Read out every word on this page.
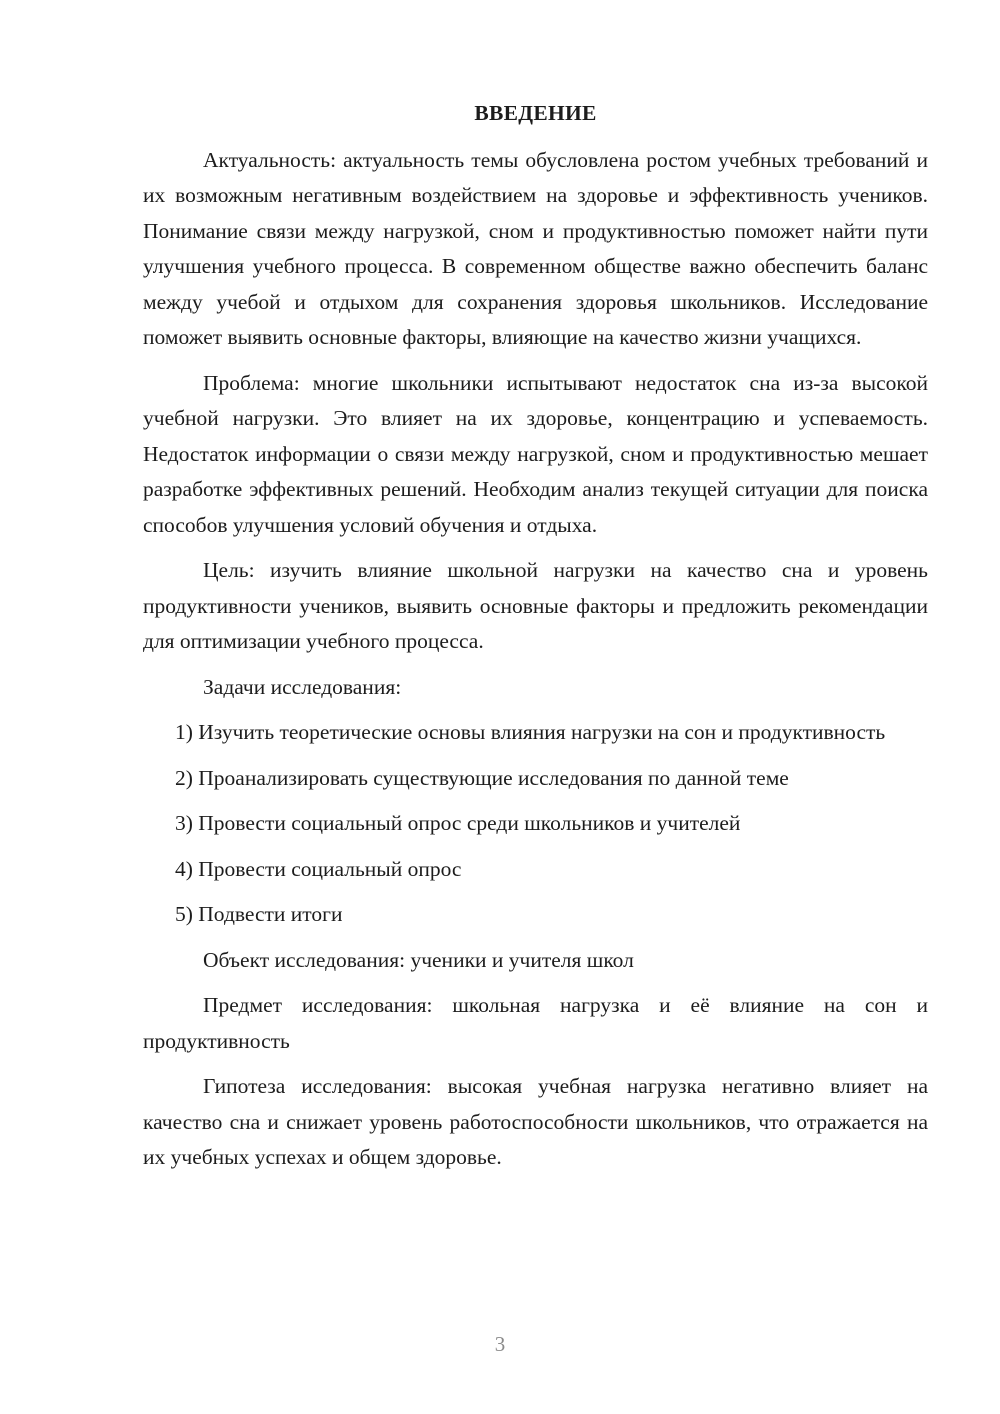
ВВЕДЕНИЕ

Актуальность: актуальность темы обусловлена ростом учебных требований и их возможным негативным воздействием на здоровье и эффективность учеников. Понимание связи между нагрузкой, сном и продуктивностью поможет найти пути улучшения учебного процесса. В современном обществе важно обеспечить баланс между учебой и отдыхом для сохранения здоровья школьников. Исследование поможет выявить основные факторы, влияющие на качество жизни учащихся.

Проблема: многие школьники испытывают недостаток сна из-за высокой учебной нагрузки. Это влияет на их здоровье, концентрацию и успеваемость. Недостаток информации о связи между нагрузкой, сном и продуктивностью мешает разработке эффективных решений. Необходим анализ текущей ситуации для поиска способов улучшения условий обучения и отдыха.

Цель: изучить влияние школьной нагрузки на качество сна и уровень продуктивности учеников, выявить основные факторы и предложить рекомендации для оптимизации учебного процесса.

Задачи исследования:

1) Изучить теоретические основы влияния нагрузки на сон и продуктивность

2) Проанализировать существующие исследования по данной теме

3) Провести социальный опрос среди школьников и учителей

4) Провести социальный опрос

5) Подвести итоги

Объект исследования: ученики и учителя школ

Предмет исследования: школьная нагрузка и её влияние на сон и продуктивность

Гипотеза исследования: высокая учебная нагрузка негативно влияет на качество сна и снижает уровень работоспособности школьников, что отражается на их учебных успехах и общем здоровье.

3
